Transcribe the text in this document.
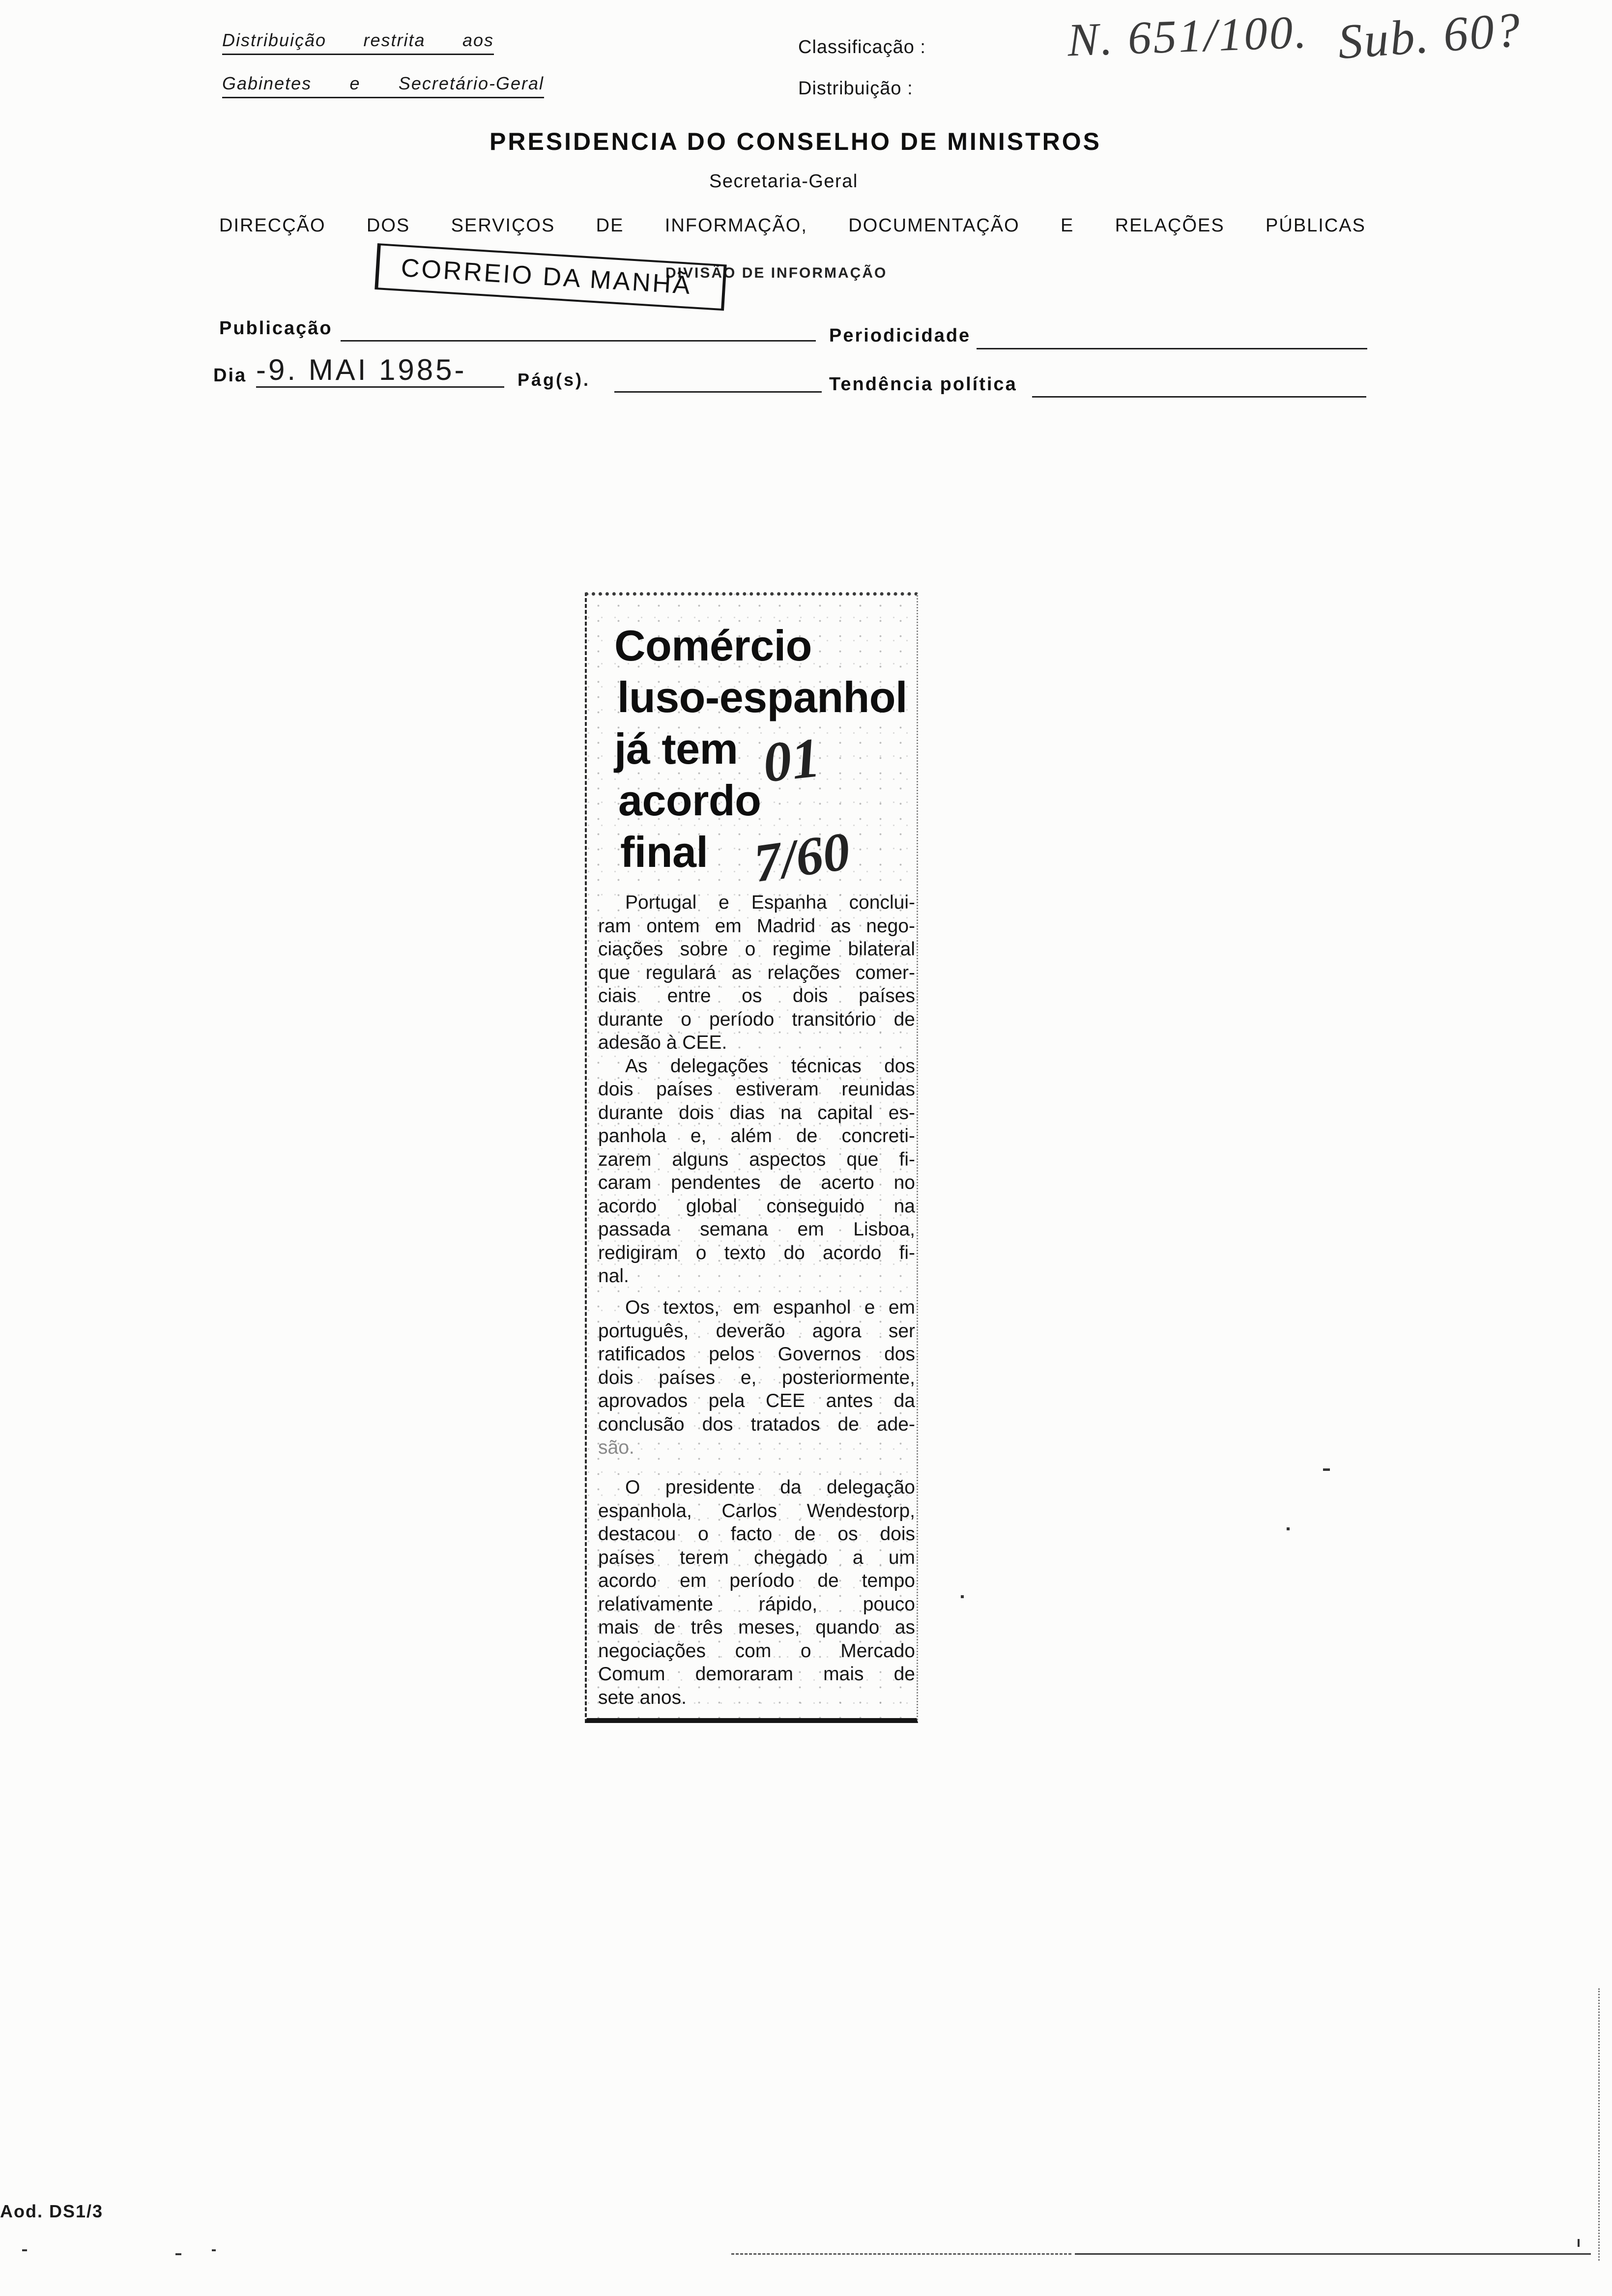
Distribuição restrita aos
Gabinetes e Secretário-Geral
Classificação :
Distribuição :
N. 651/100. Sub. 60?
PRESIDENCIA DO CONSELHO DE MINISTROS
Secretaria-Geral
DIRECÇÃO DOS SERVIÇOS DE INFORMAÇÃO, DOCUMENTAÇÃO E RELAÇÕES PÚBLICAS
DIVISÃO DE INFORMAÇÃO
CORREIO DA MANHÃ
Publicação	Periodicidade
Dia -9. MAI 1985-	Pág(s).	Tendência política
Comércio
luso-espanhol
já tem
acordo
final
01
7/60
Portugal e Espanha conclui-
ram ontem em Madrid as nego-
ciações sobre o regime bilateral
que regulará as relações comer-
ciais entre os dois países
durante o período transitório de
adesão à CEE.
As delegações técnicas dos
dois países estiveram reunidas
durante dois dias na capital es-
panhola e, além de concreti-
zarem alguns aspectos que fi-
caram pendentes de acerto no
acordo global conseguido na
passada semana em Lisboa,
redigiram o texto do acordo fi-
nal.
Os textos, em espanhol e em
português, deverão agora ser
ratificados pelos Governos dos
dois países e, posteriormente,
aprovados pela CEE antes da
conclusão dos tratados de ade-
são.
O presidente da delegação
espanhola, Carlos Wendestorp,
destacou o facto de os dois
países terem chegado a um
acordo em período de tempo
relativamente rápido, pouco
mais de três meses, quando as
negociações com o Mercado
Comum demoraram mais de
sete anos.
Aod. DS1/3
